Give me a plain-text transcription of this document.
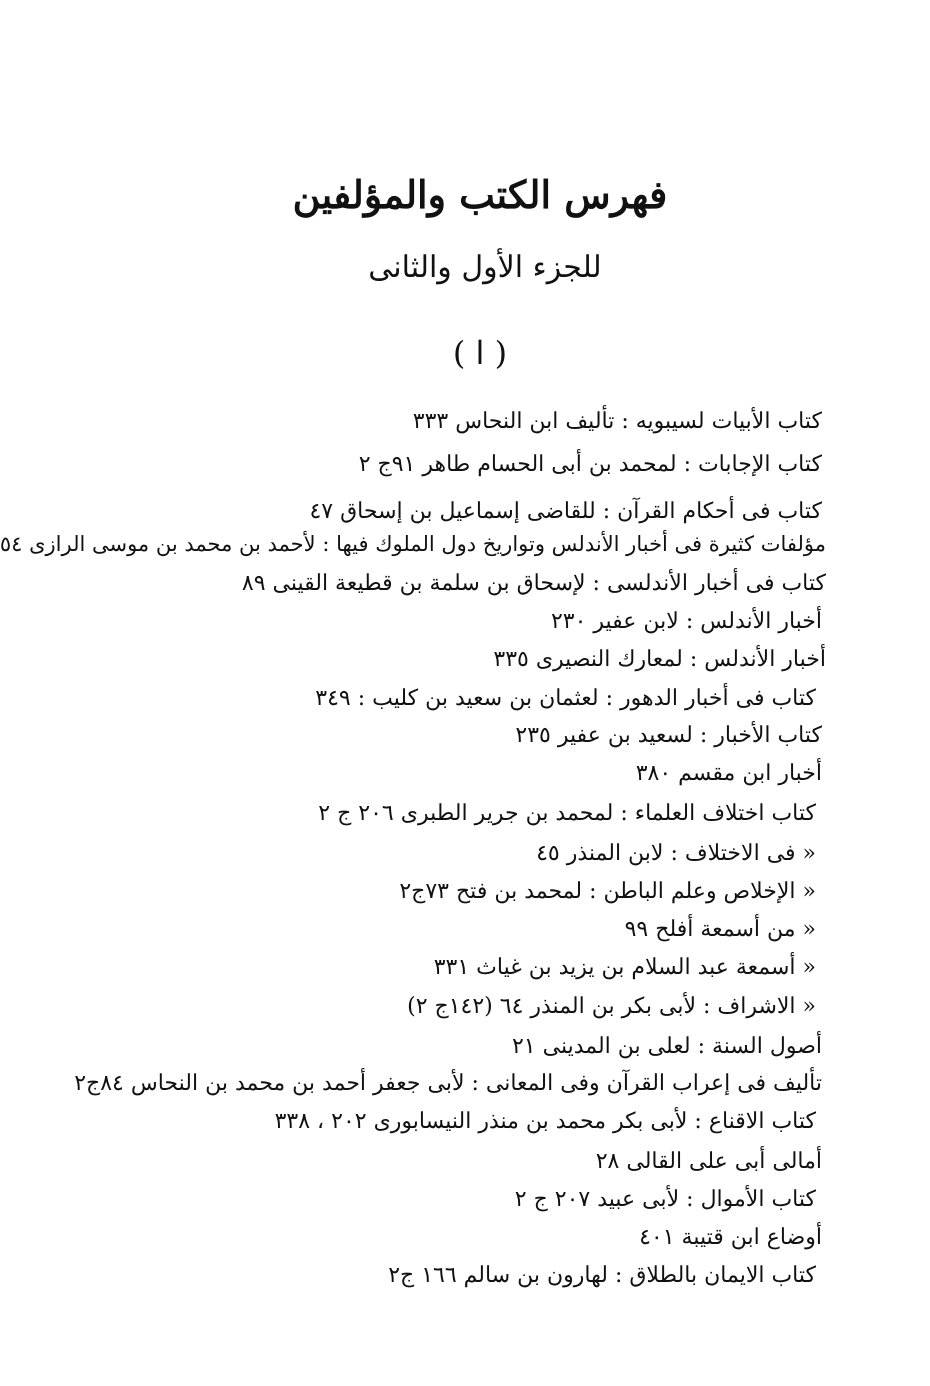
فهرس الكتب والمؤلفين
للجزء الأول والثانى
( ا )
كتاب الأبيات لسيبويه : تأليف ابن النحاس ٣٣٣
كتاب الإجابات : لمحمد بن أبى الحسام طاهر ٩١ج ٢
كتاب فى أحكام القرآن : للقاضى إسماعيل بن إسحاق ٤٧
مؤلفات كثيرة فى أخبار الأندلس وتواريخ دول الملوك فيها : لأحمد بن محمد بن موسى الرازى ٥٤
كتاب فى أخبار الأندلسى : لإسحاق بن سلمة بن قطيعة القينى ٨٩
أخبار الأندلس : لابن عفير ٢٣٠
أخبار الأندلس : لمعارك النصيرى ٣٣٥
كتاب فى أخبار الدهور : لعثمان بن سعيد بن كليب : ٣٤٩
كتاب الأخبار : لسعيد بن عفير ٢٣٥
أخبار ابن مقسم ٣٨٠
كتاب اختلاف العلماء : لمحمد بن جرير الطبرى ٢٠٦ ج ٢
« فى الاختلاف : لابن المنذر ٤٥
« الإخلاص وعلم الباطن : لمحمد بن فتح ٧٣ج٢
« من أسمعة أفلح ٩٩
« أسمعة عبد السلام بن يزيد بن غياث ٣٣١
« الاشراف : لأبى بكر بن المنذر ٦٤ (١٤٢ج ٢)
أصول السنة : لعلى بن المدينى ٢١
تأليف فى إعراب القرآن وفى المعانى : لأبى جعفر أحمد بن محمد بن النحاس ٨٤ج٢
كتاب الاقناع : لأبى بكر محمد بن منذر النيسابورى ٢٠٢ ، ٣٣٨
أمالى أبى على القالى ٢٨
كتاب الأموال : لأبى عبيد ٢٠٧ ج ٢
أوضاع ابن قتيبة ٤٠١
كتاب الايمان بالطلاق : لهارون بن سالم ١٦٦ ج٢
